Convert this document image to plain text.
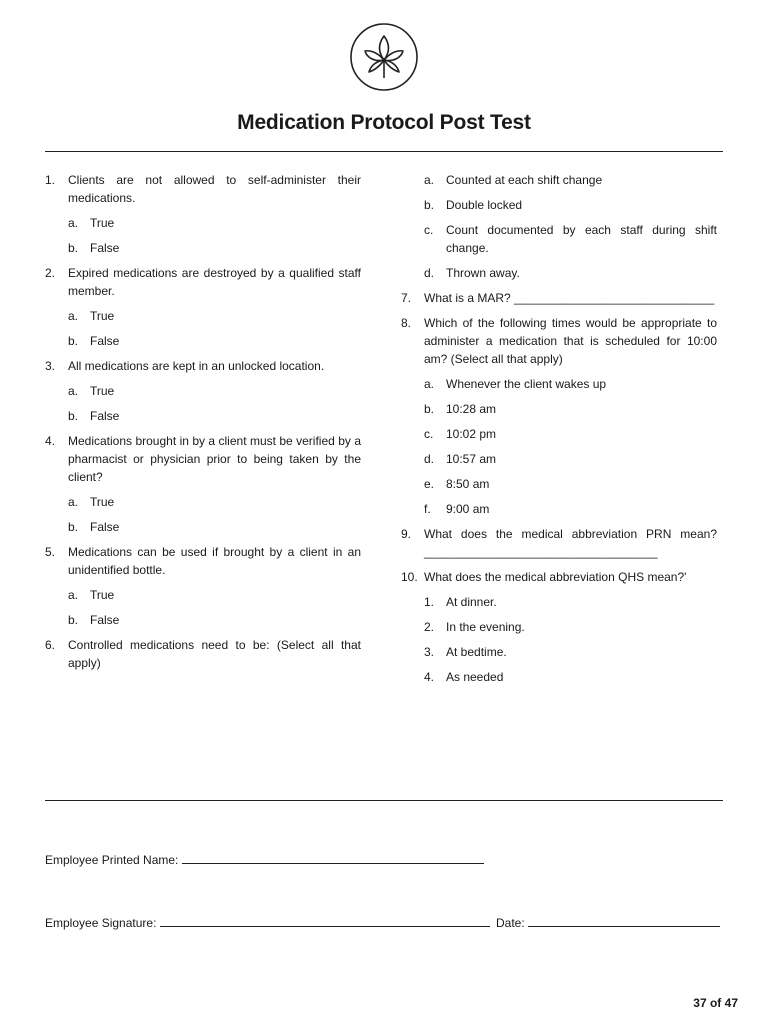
Medication Protocol Post Test
1.	Clients are not allowed to self-administer their medications.
a. True
b. False
2.	Expired medications are destroyed by a qualified staff member.
a. True
b. False
3.	All medications are kept in an unlocked location.
a. True
b. False
4.	Medications brought in by a client must be verified by a pharmacist or physician prior to being taken by the client?
a. True
b. False
5.	Medications can be used if brought by a client in an unidentified bottle.
a. True
b. False
6.	Controlled medications need to be: (Select all that apply)
a. Counted at each shift change
b. Double locked
c.	Count documented by each staff during shift change.
d. Thrown away.
7.	What is a MAR? ______________________________
8.	Which of the following times would be appropriate to administer a medication that is scheduled for 10:00 am? (Select all that apply)
a. Whenever the client wakes up
b. 10:28 am
c.	10:02 pm
d. 10:57 am
e. 8:50 am
f.	9:00 am
9.	What does the medical abbreviation PRN mean? ___________________________________
10. What does the medical abbreviation QHS mean?'
1. At dinner.
2. In the evening.
3. At bedtime.
4. As needed
Employee Printed Name:
Employee Signature:	Date:
37 of 47
